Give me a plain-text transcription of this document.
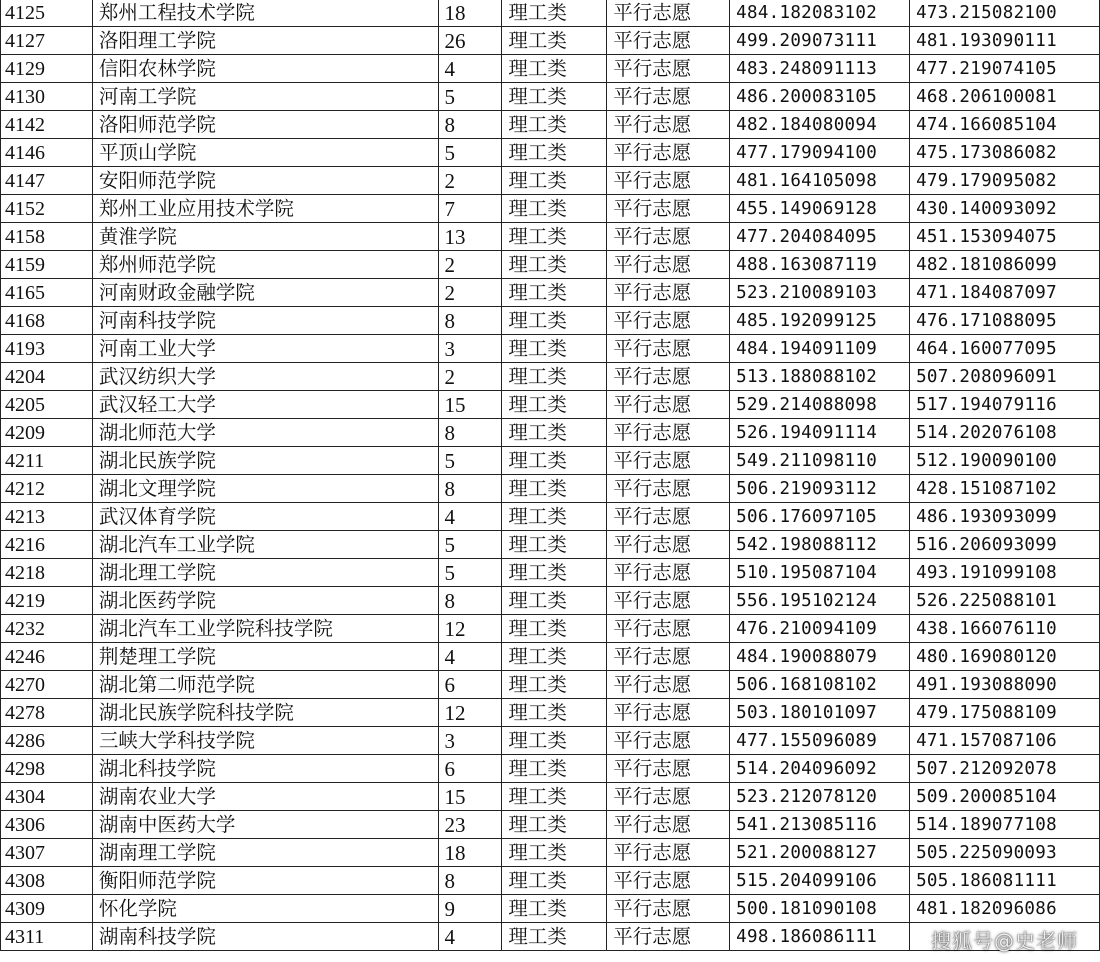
4125	郑州工程技术学院	18	理工类	平行志愿	484.182083102	473.215082100
4127	洛阳理工学院	26	理工类	平行志愿	499.209073111	481.193090111
4129	信阳农林学院	4	理工类	平行志愿	483.248091113	477.219074105
4130	河南工学院	5	理工类	平行志愿	486.200083105	468.206100081
4142	洛阳师范学院	8	理工类	平行志愿	482.184080094	474.166085104
4146	平顶山学院	5	理工类	平行志愿	477.179094100	475.173086082
4147	安阳师范学院	2	理工类	平行志愿	481.164105098	479.179095082
4152	郑州工业应用技术学院	7	理工类	平行志愿	455.149069128	430.140093092
4158	黄淮学院	13	理工类	平行志愿	477.204084095	451.153094075
4159	郑州师范学院	2	理工类	平行志愿	488.163087119	482.181086099
4165	河南财政金融学院	2	理工类	平行志愿	523.210089103	471.184087097
4168	河南科技学院	8	理工类	平行志愿	485.192099125	476.171088095
4193	河南工业大学	3	理工类	平行志愿	484.194091109	464.160077095
4204	武汉纺织大学	2	理工类	平行志愿	513.188088102	507.208096091
4205	武汉轻工大学	15	理工类	平行志愿	529.214088098	517.194079116
4209	湖北师范大学	8	理工类	平行志愿	526.194091114	514.202076108
4211	湖北民族学院	5	理工类	平行志愿	549.211098110	512.190090100
4212	湖北文理学院	8	理工类	平行志愿	506.219093112	428.151087102
4213	武汉体育学院	4	理工类	平行志愿	506.176097105	486.193093099
4216	湖北汽车工业学院	5	理工类	平行志愿	542.198088112	516.206093099
4218	湖北理工学院	5	理工类	平行志愿	510.195087104	493.191099108
4219	湖北医药学院	8	理工类	平行志愿	556.195102124	526.225088101
4232	湖北汽车工业学院科技学院	12	理工类	平行志愿	476.210094109	438.166076110
4246	荆楚理工学院	4	理工类	平行志愿	484.190088079	480.169080120
4270	湖北第二师范学院	6	理工类	平行志愿	506.168108102	491.193088090
4278	湖北民族学院科技学院	12	理工类	平行志愿	503.180101097	479.175088109
4286	三峡大学科技学院	3	理工类	平行志愿	477.155096089	471.157087106
4298	湖北科技学院	6	理工类	平行志愿	514.204096092	507.212092078
4304	湖南农业大学	15	理工类	平行志愿	523.212078120	509.200085104
4306	湖南中医药大学	23	理工类	平行志愿	541.213085116	514.189077108
4307	湖南理工学院	18	理工类	平行志愿	521.200088127	505.225090093
4308	衡阳师范学院	8	理工类	平行志愿	515.204099106	505.186081111
4309	怀化学院	9	理工类	平行志愿	500.181090108	481.182096086
4311	湖南科技学院	4	理工类	平行志愿	498.186086111		搜狐号@史老师
